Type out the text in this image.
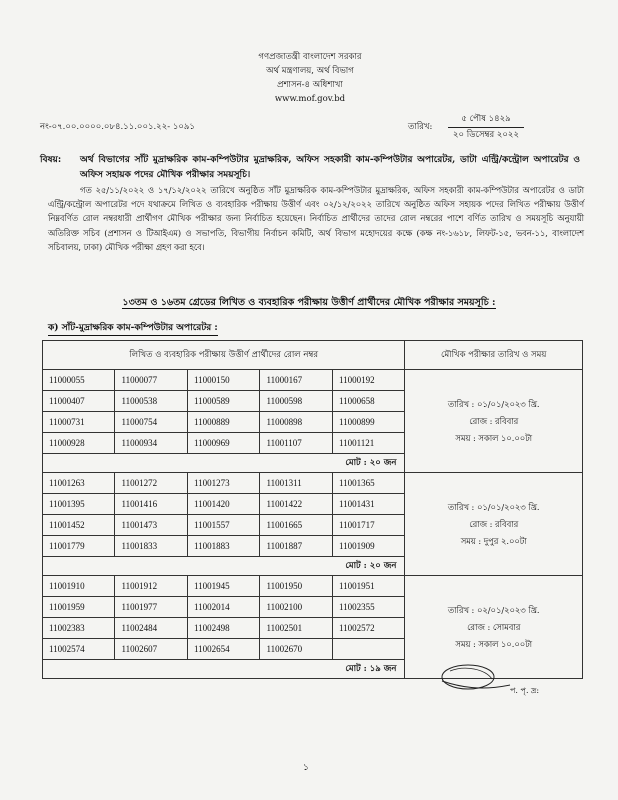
গণপ্রজাতন্ত্রী বাংলাদেশ সরকার
অর্থ মন্ত্রণালয়, অর্থ বিভাগ
প্রশাসন-৪ অধিশাখা
www.mof.gov.bd
নং-০৭.০০.০০০০.০৮৪.১১.০০১.২২- ১০৯১	তারিখ:
৫ পৌষ ১৪২৯
২০ ডিসেম্বর ২০২২
বিষয়: অর্থ বিভাগের সাঁট মুদ্রাক্ষরিক কাম-কম্পিউটার মুদ্রাক্ষরিক, অফিস সহকারী কাম-কম্পিউটার অপারেটর, ডাটা এন্ট্রি/কন্ট্রোল অপারেটর ও অফিস সহায়ক পদের মৌখিক পরীক্ষার সময়সূচি।
গত ২৫/১১/২০২২ ও ১৭/১২/২০২২ তারিখে অনুষ্ঠিত সাঁট মুদ্রাক্ষরিক কাম-কম্পিউটার মুদ্রাক্ষরিক, অফিস সহকারী কাম-কম্পিউটার অপারেটর ও ডাটা এন্ট্রি/কন্ট্রোল অপারেটর পদে যথাক্রমে লিখিত ও ব্যবহারিক পরীক্ষায় উত্তীর্ণ এবং ০২/১২/২০২২ তারিখে অনুষ্ঠিত অফিস সহায়ক পদের লিখিত পরীক্ষায় উত্তীর্ণ নিম্নবর্ণিত রোল নম্বরধারী প্রার্থীগণ মৌখিক পরীক্ষার জন্য নির্বাচিত হয়েছেন। নির্বাচিত প্রার্থীদের তাদের রোল নম্বরের পাশে বর্ণিত তারিখ ও সময়সূচি অনুযায়ী অতিরিক্ত সচিব (প্রশাসন ও টিআইএম) ও সভাপতি, বিভাগীয় নির্বাচন কমিটি, অর্থ বিভাগ মহোদয়ের কক্ষে (কক্ষ নং-১৬১৮, লিফট-১৫, ভবন-১১, বাংলাদেশ সচিবালয়, ঢাকা) মৌখিক পরীক্ষা গ্রহণ করা হবে।
১৩তম ও ১৬তম গ্রেডের লিখিত ও ব্যবহারিক পরীক্ষায় উত্তীর্ণ প্রার্থীদের মৌখিক পরীক্ষার সময়সূচি :
ক) সাঁট-মুদ্রাক্ষরিক কাম-কম্পিউটার অপারেটর :
লিখিত ও ব্যবহারিক পরীক্ষায় উত্তীর্ণ প্রার্থীদের রোল নম্বর					মৌখিক পরীক্ষার তারিখ ও সময়
11000055	11000077	11000150	11000167	11000192	তারিখ : ০১/০১/২০২৩ খ্রি.
রোজ : রবিবার
সময় : সকাল ১০.০০টা

11000407	11000538	11000589	11000598	11000658	
11000731	11000754	11000889	11000898	11000899	
11000928	11000934	11000969	11001107	11001121	
মোট : ২০ জন					
11001263	11001272	11001273	11001311	11001365	তারিখ : ০১/০১/২০২৩ খ্রি.
রোজ : রবিবার
সময় : দুপুর ২.০০টা

11001395	11001416	11001420	11001422	11001431	
11001452	11001473	11001557	11001665	11001717	
11001779	11001833	11001883	11001887	11001909	
মোট : ২০ জন					
11001910	11001912	11001945	11001950	11001951	তারিখ : ০২/০১/২০২৩ খ্রি.
রোজ : সোমবার
সময় : সকাল ১০.০০টা

11001959	11001977	11002014	11002100	11002355	
11002383	11002484	11002498	11002501	11002572	
11002574	11002607	11002654	11002670		
মোট : ১৯ জন					
প. পৃ. দ্র:
১
